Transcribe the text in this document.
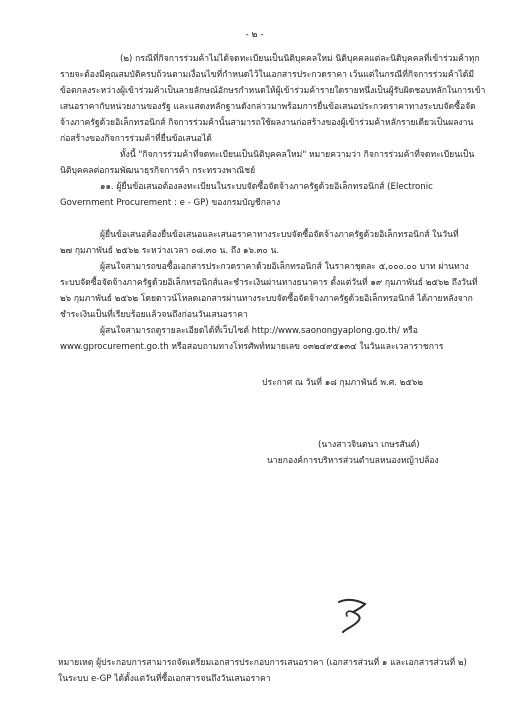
- ๒ -
(๒) กรณีที่กิจการร่วมค้าไม่ได้จดทะเบียนเป็นนิติบุคคลใหม่ นิติบุคคลแต่ละนิติบุคคลที่เข้าร่วมค้าทุก
รายจะต้องมีคุณสมบัติครบถ้วนตามเงื่อนไขที่กำหนดไว้ในเอกสารประกวดราคา เว้นแต่ในกรณีที่กิจการร่วมค้าได้มี
ข้อตกลงระหว่างผู้เข้าร่วมค้าเป็นลายลักษณ์อักษรกำหนดให้ผู้เข้าร่วมค้ารายใดรายหนึ่งเป็นผู้รับผิดชอบหลักในการเข้า
เสนอราคากับหน่วยงานของรัฐ และแสดงหลักฐานดังกล่าวมาพร้อมการยื่นข้อเสนอประกวดราคาทางระบบจัดซื้อจัด
จ้างภาครัฐด้วยอิเล็กทรอนิกส์ กิจการร่วมค้านั้นสามารถใช้ผลงานก่อสร้างของผู้เข้าร่วมค้าหลักรายเดียวเป็นผลงาน
ก่อสร้างของกิจการร่วมค้าที่ยื่นข้อเสนอได้
ทั้งนี้ "กิจการร่วมค้าที่จดทะเบียนเป็นนิติบุคคลใหม่" หมายความว่า กิจการร่วมค้าที่จดทะเบียนเป็น
นิติบุคคลต่อกรมพัฒนาธุรกิจการค้า กระทรวงพาณิชย์
๑๑. ผู้ยื่นข้อเสนอต้องลงทะเบียนในระบบจัดซื้อจัดจ้างภาครัฐด้วยอิเล็กทรอนิกส์ (Electronic
Government Procurement : e - GP) ของกรมบัญชีกลาง
ผู้ยื่นข้อเสนอต้องยื่นข้อเสนอและเสนอราคาทางระบบจัดซื้อจัดจ้างภาครัฐด้วยอิเล็กทรอนิกส์ ในวันที่
๒๗ กุมภาพันธ์ ๒๕๖๒ ระหว่างเวลา ๐๘.๓๐ น. ถึง ๑๖.๓๐ น.
ผู้สนใจสามารถขอซื้อเอกสารประกวดราคาด้วยอิเล็กทรอนิกส์ ในราคาชุดละ ๕,๐๐๐.๐๐ บาท ผ่านทาง
ระบบจัดซื้อจัดจ้างภาครัฐด้วยอิเล็กทรอนิกส์และชำระเงินผ่านทางธนาคาร ตั้งแต่วันที่ ๑๙ กุมภาพันธ์ ๒๕๖๒ ถึงวันที่
๒๖ กุมภาพันธ์ ๒๕๖๒ โดยดาวน์โหลดเอกสารผ่านทางระบบจัดซื้อจัดจ้างภาครัฐด้วยอิเล็กทรอนิกส์ ได้ภายหลังจาก
ชำระเงินเป็นที่เรียบร้อยแล้วจนถึงก่อนวันเสนอราคา
ผู้สนใจสามารถดูรายละเอียดได้ที่เว็บไซต์ http://www.saonongyaplong.go.th/ หรือ
www.gprocurement.go.th หรือสอบถามทางโทรศัพท์หมายเลข ๐๓๒๔๙๕๑๓๔ ในวันและเวลาราชการ
ประกาศ ณ วันที่ ๑๘ กุมภาพันธ์ พ.ศ. ๒๕๖๒
(นางสาวจินตนา เกษรสันต์)
นายกองค์การบริหารส่วนตำบลหนองหญ้าปล้อง
หมายเหตุ ผู้ประกอบการสามารถจัดเตรียมเอกสารประกอบการเสนอราคา (เอกสารส่วนที่ ๑ และเอกสารส่วนที่ ๒)
ในระบบ e-GP ได้ตั้งแต่วันที่ซื้อเอกสารจนถึงวันเสนอราคา
